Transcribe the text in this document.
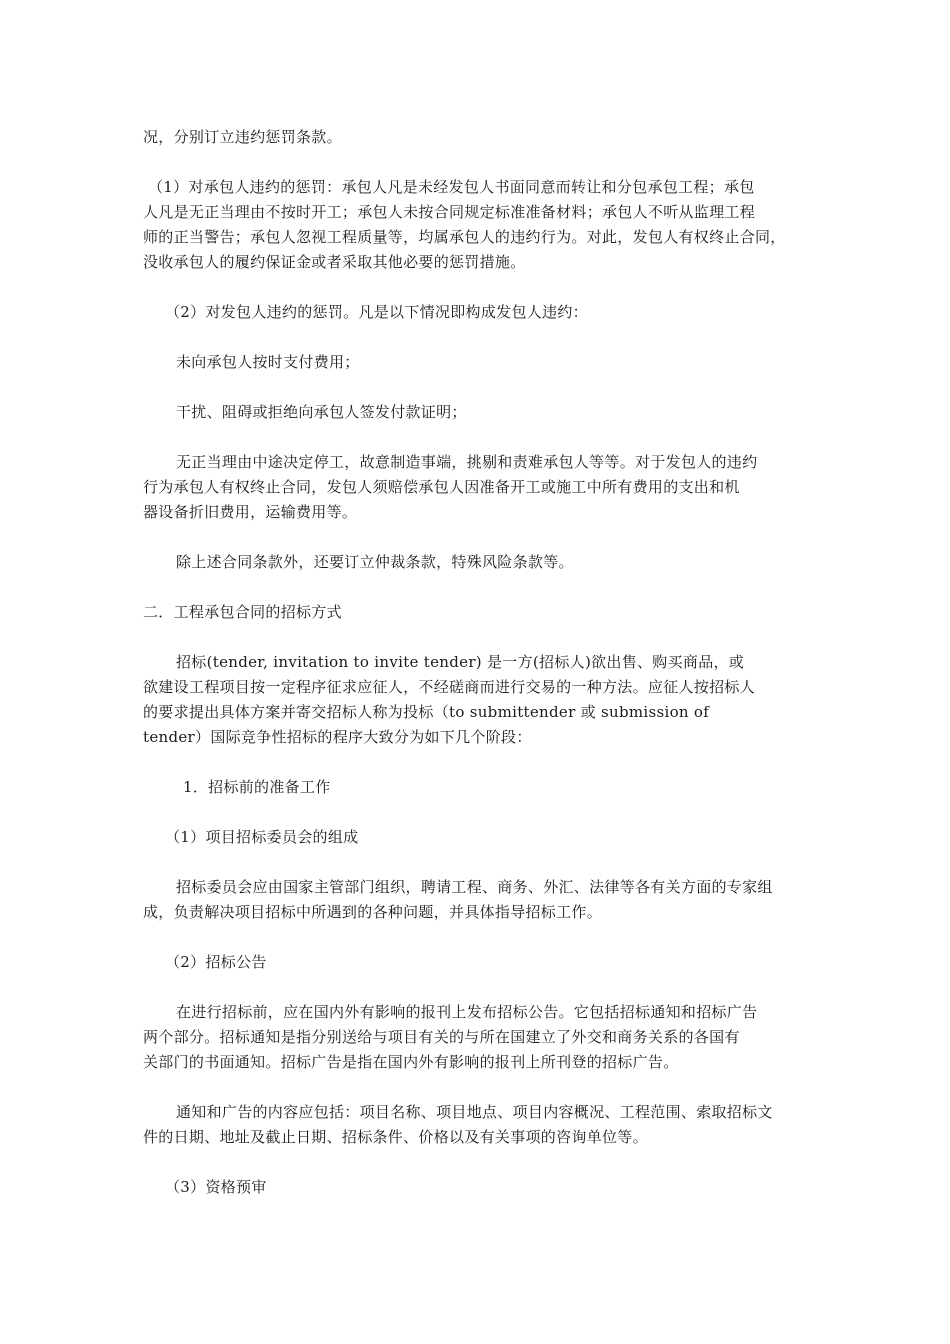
况，分别订立违约惩罚条款。
（1）对承包人违约的惩罚：承包人凡是未经发包人书面同意而转让和分包承包工程；承包
人凡是无正当理由不按时开工；承包人未按合同规定标准准备材料；承包人不听从监理工程
师的正当警告；承包人忽视工程质量等，均属承包人的违约行为。对此，发包人有权终止合同，
没收承包人的履约保证金或者采取其他必要的惩罚措施。
（2）对发包人违约的惩罚。凡是以下情况即构成发包人违约：
未向承包人按时支付费用；
干扰、阻碍或拒绝向承包人签发付款证明；
无正当理由中途决定停工，故意制造事端，挑剔和责难承包人等等。对于发包人的违约
行为承包人有权终止合同，发包人须赔偿承包人因准备开工或施工中所有费用的支出和机
器设备折旧费用，运输费用等。
除上述合同条款外，还要订立仲裁条款，特殊风险条款等。
二．工程承包合同的招标方式
招标(tender, invitation to invite tender) 是一方(招标人)欲出售、购买商品，或
欲建设工程项目按一定程序征求应征人，不经磋商而进行交易的一种方法。应征人按招标人
的要求提出具体方案并寄交招标人称为投标（to submittender 或 submission of
tender）国际竞争性招标的程序大致分为如下几个阶段：
1．招标前的准备工作
（1）项目招标委员会的组成
招标委员会应由国家主管部门组织，聘请工程、商务、外汇、法律等各有关方面的专家组
成，负责解决项目招标中所遇到的各种问题，并具体指导招标工作。
（2）招标公告
在进行招标前，应在国内外有影响的报刊上发布招标公告。它包括招标通知和招标广告
两个部分。招标通知是指分别送给与项目有关的与所在国建立了外交和商务关系的各国有
关部门的书面通知。招标广告是指在国内外有影响的报刊上所刊登的招标广告。
通知和广告的内容应包括：项目名称、项目地点、项目内容概况、工程范围、索取招标文
件的日期、地址及截止日期、招标条件、价格以及有关事项的咨询单位等。
（3）资格预审
